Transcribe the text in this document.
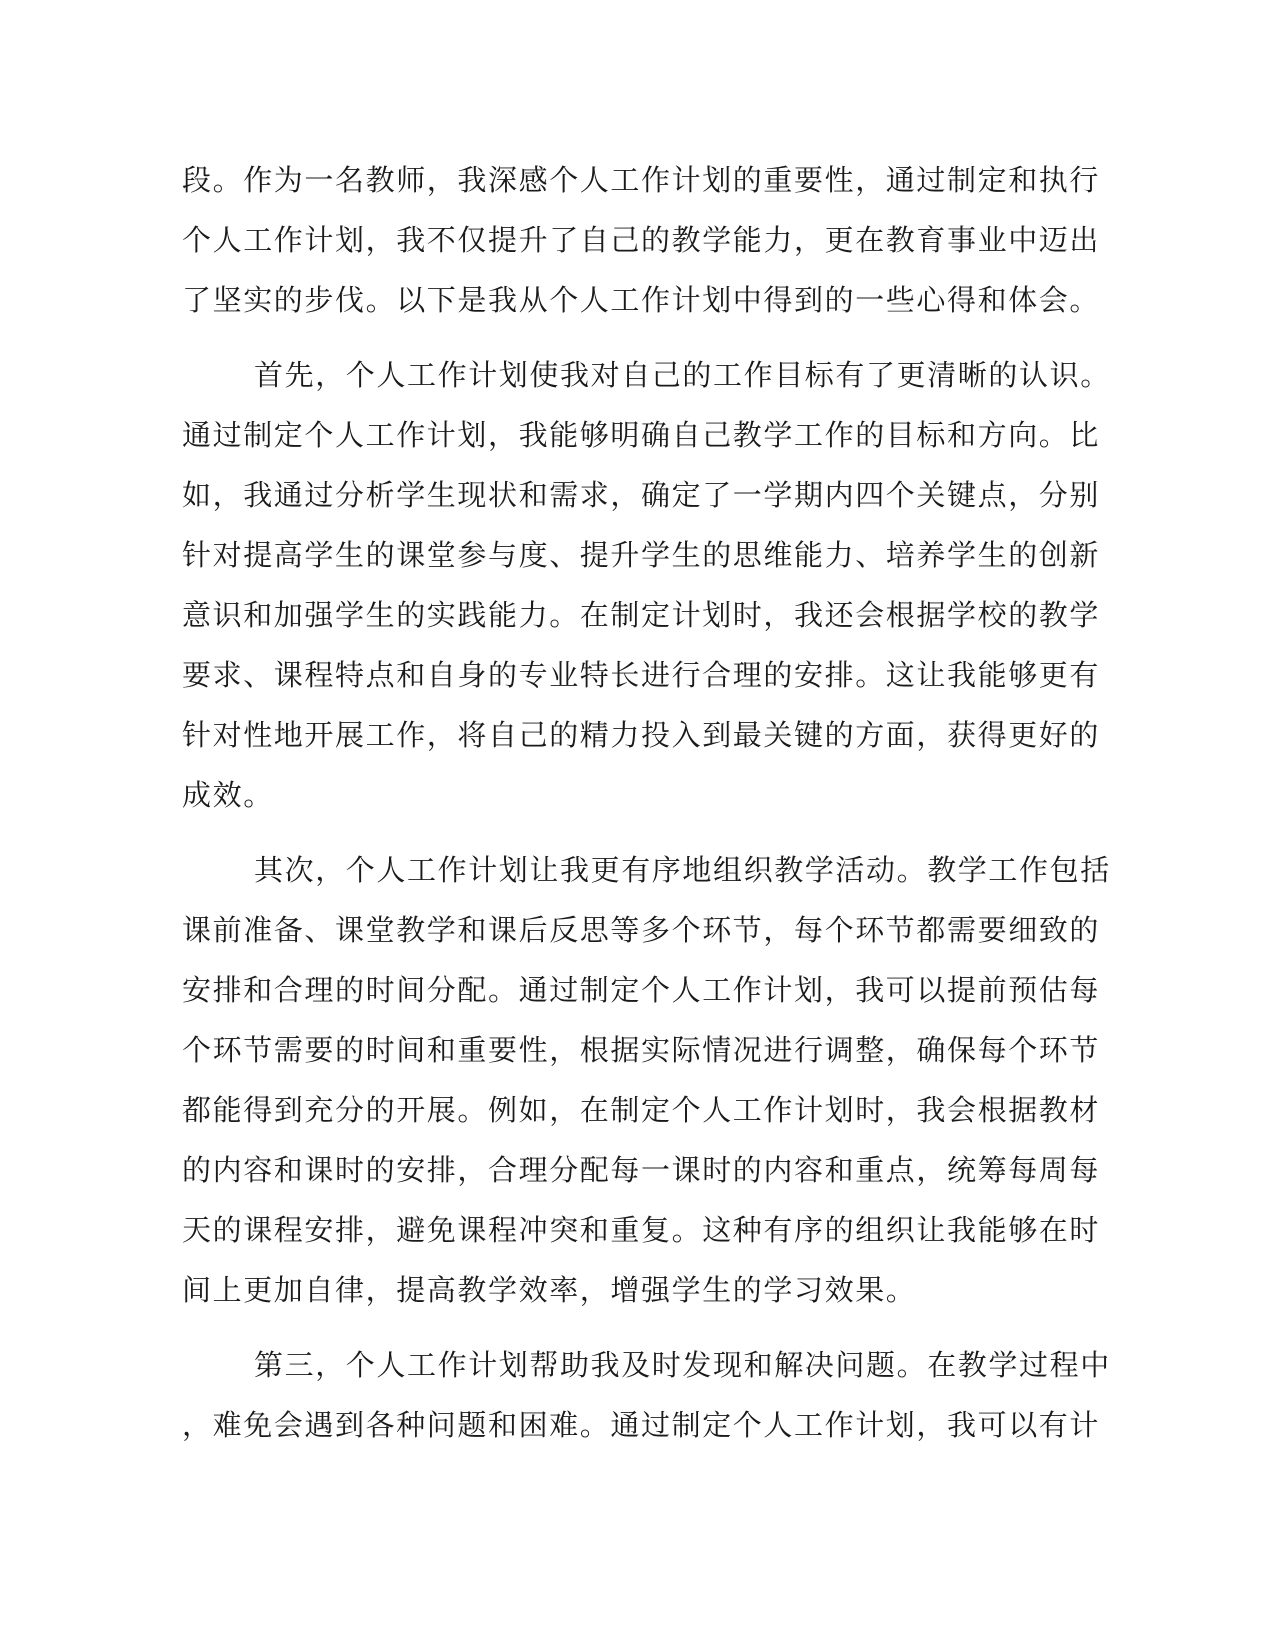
段。作为一名教师，我深感个人工作计划的重要性，通过制定和执行
个人工作计划，我不仅提升了自己的教学能力，更在教育事业中迈出
了坚实的步伐。以下是我从个人工作计划中得到的一些心得和体会。
首先，个人工作计划使我对自己的工作目标有了更清晰的认识。
通过制定个人工作计划，我能够明确自己教学工作的目标和方向。比
如，我通过分析学生现状和需求，确定了一学期内四个关键点，分别
针对提高学生的课堂参与度、提升学生的思维能力、培养学生的创新
意识和加强学生的实践能力。在制定计划时，我还会根据学校的教学
要求、课程特点和自身的专业特长进行合理的安排。这让我能够更有
针对性地开展工作，将自己的精力投入到最关键的方面，获得更好的
成效。
其次，个人工作计划让我更有序地组织教学活动。教学工作包括
课前准备、课堂教学和课后反思等多个环节，每个环节都需要细致的
安排和合理的时间分配。通过制定个人工作计划，我可以提前预估每
个环节需要的时间和重要性，根据实际情况进行调整，确保每个环节
都能得到充分的开展。例如，在制定个人工作计划时，我会根据教材
的内容和课时的安排，合理分配每一课时的内容和重点，统筹每周每
天的课程安排，避免课程冲突和重复。这种有序的组织让我能够在时
间上更加自律，提高教学效率，增强学生的学习效果。
第三，个人工作计划帮助我及时发现和解决问题。在教学过程中
，难免会遇到各种问题和困难。通过制定个人工作计划，我可以有计
